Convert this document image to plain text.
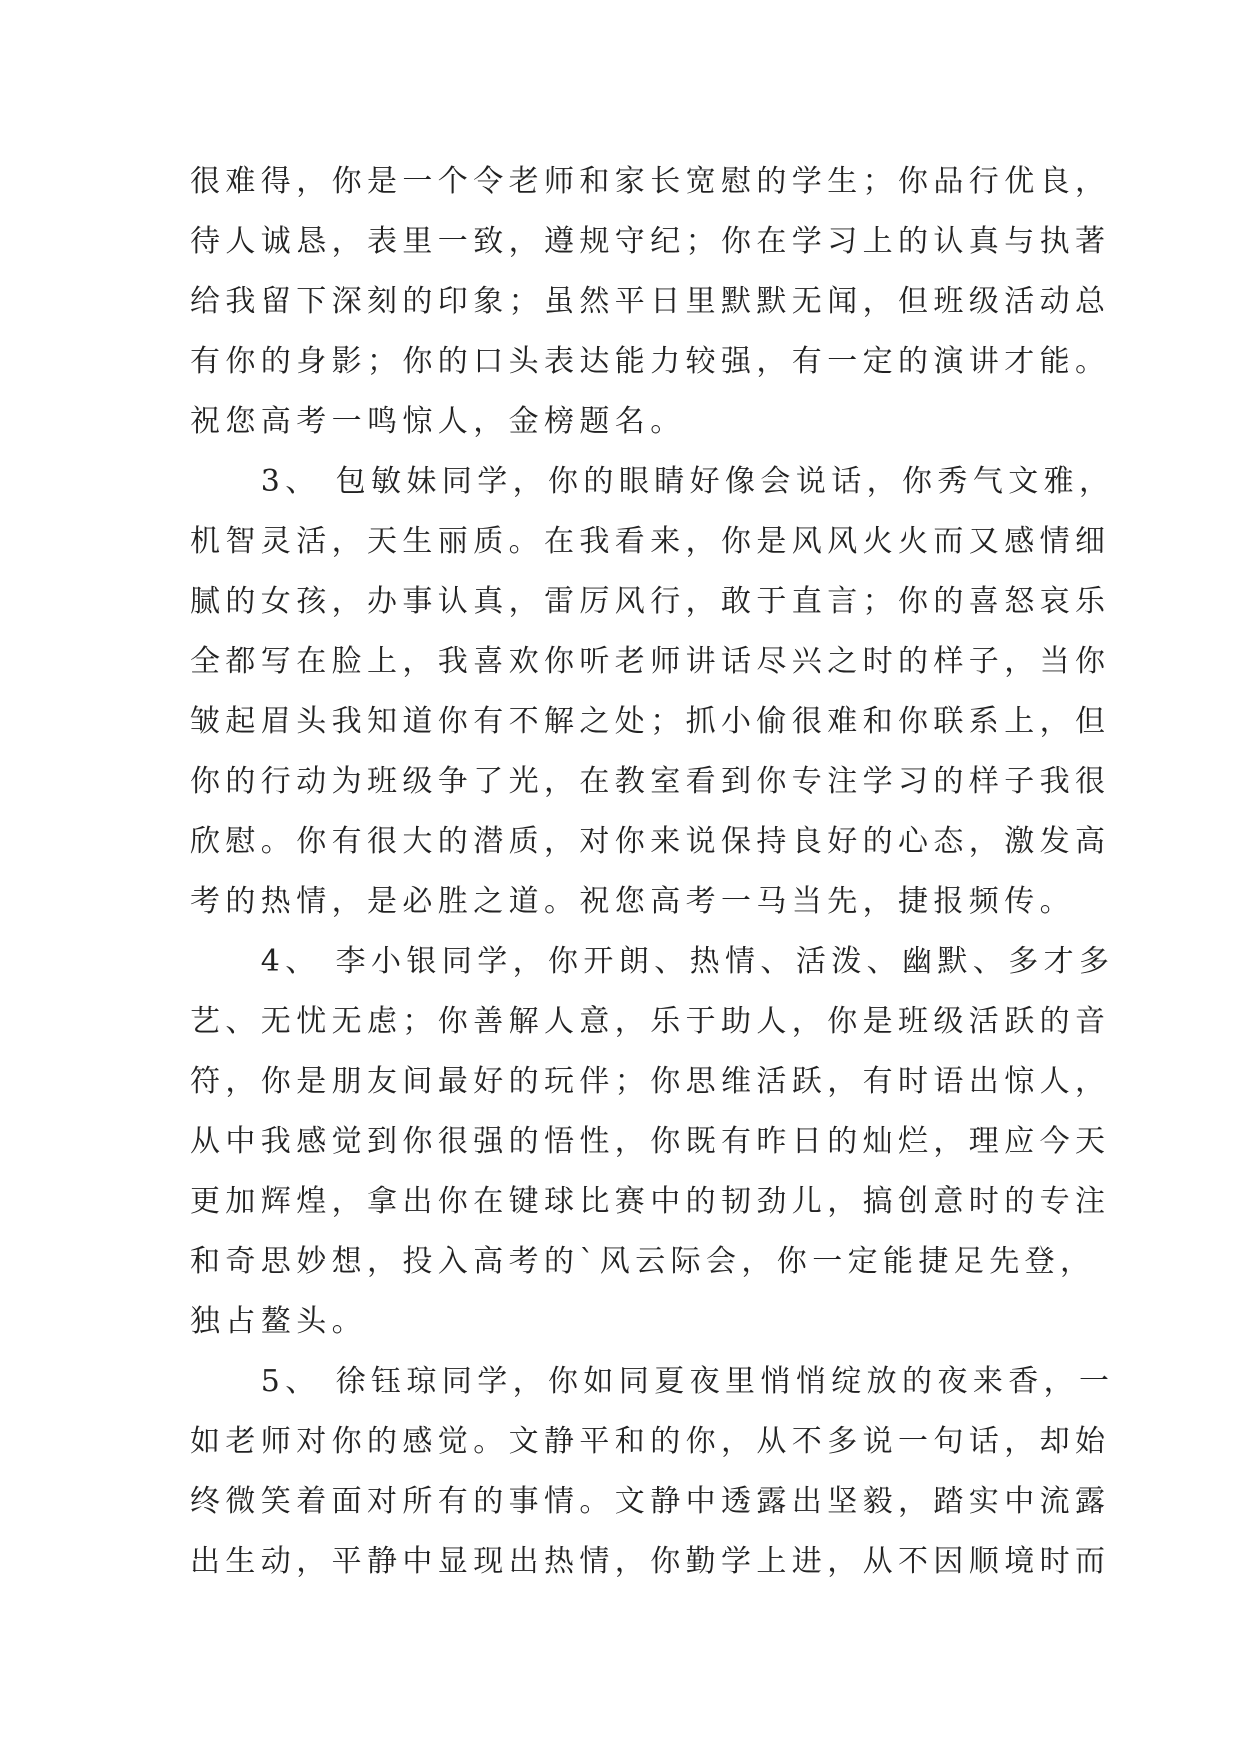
很难得，你是一个令老师和家长宽慰的学生；你品行优良，
待人诚恳，表里一致，遵规守纪；你在学习上的认真与执著
给我留下深刻的印象；虽然平日里默默无闻，但班级活动总
有你的身影；你的口头表达能力较强，有一定的演讲才能。
祝您高考一鸣惊人，金榜题名。
　　3、 包敏妹同学，你的眼睛好像会说话，你秀气文雅，
机智灵活，天生丽质。在我看来，你是风风火火而又感情细
腻的女孩，办事认真，雷厉风行，敢于直言；你的喜怒哀乐
全都写在脸上，我喜欢你听老师讲话尽兴之时的样子，当你
皱起眉头我知道你有不解之处；抓小偷很难和你联系上，但
你的行动为班级争了光，在教室看到你专注学习的样子我很
欣慰。你有很大的潜质，对你来说保持良好的心态，激发高
考的热情，是必胜之道。祝您高考一马当先，捷报频传。
　　4、 李小银同学，你开朗、热情、活泼、幽默、多才多
艺、无忧无虑；你善解人意，乐于助人，你是班级活跃的音
符，你是朋友间最好的玩伴；你思维活跃，有时语出惊人，
从中我感觉到你很强的悟性，你既有昨日的灿烂，理应今天
更加辉煌，拿出你在键球比赛中的韧劲儿，搞创意时的专注
和奇思妙想，投入高考的`风云际会，你一定能捷足先登，
独占鳌头。
　　5、 徐钰琼同学，你如同夏夜里悄悄绽放的夜来香，一
如老师对你的感觉。文静平和的你，从不多说一句话，却始
终微笑着面对所有的事情。文静中透露出坚毅，踏实中流露
出生动，平静中显现出热情，你勤学上进，从不因顺境时而
